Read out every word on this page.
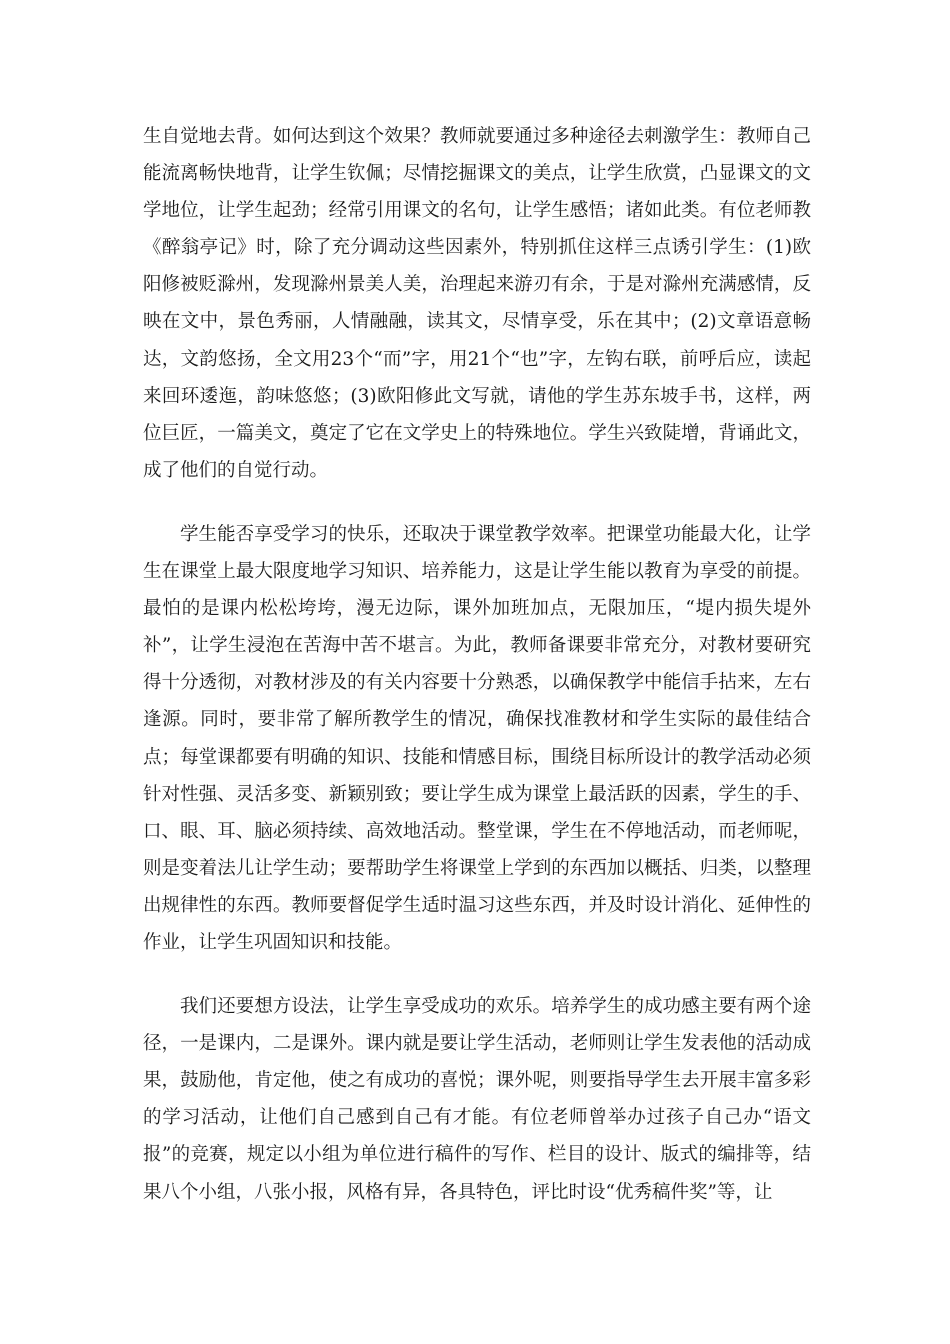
生自觉地去背。如何达到这个效果？教师就要通过多种途径去刺激学生：教师自己能流离畅快地背，让学生钦佩；尽情挖掘课文的美点，让学生欣赏，凸显课文的文学地位，让学生起劲；经常引用课文的名句，让学生感悟；诸如此类。有位老师教《醉翁亭记》时，除了充分调动这些因素外，特别抓住这样三点诱引学生：(1)欧阳修被贬滁州，发现滁州景美人美，治理起来游刃有余，于是对滁州充满感情，反映在文中，景色秀丽，人情融融，读其文，尽情享受，乐在其中；(2)文章语意畅达，文韵悠扬，全文用23个“而”字，用21个“也”字，左钩右联，前呼后应，读起来回环逶迤，韵味悠悠；(3)欧阳修此文写就，请他的学生苏东坡手书，这样，两位巨匠，一篇美文，奠定了它在文学史上的特殊地位。学生兴致陡增，背诵此文，成了他们的自觉行动。

学生能否享受学习的快乐，还取决于课堂教学效率。把课堂功能最大化，让学生在课堂上最大限度地学习知识、培养能力，这是让学生能以教育为享受的前提。最怕的是课内松松垮垮，漫无边际，课外加班加点，无限加压，“堤内损失堤外补”，让学生浸泡在苦海中苦不堪言。为此，教师备课要非常充分，对教材要研究得十分透彻，对教材涉及的有关内容要十分熟悉，以确保教学中能信手拈来，左右逢源。同时，要非常了解所教学生的情况，确保找准教材和学生实际的最佳结合点；每堂课都要有明确的知识、技能和情感目标，围绕目标所设计的教学活动必须针对性强、灵活多变、新颖别致；要让学生成为课堂上最活跃的因素，学生的手、口、眼、耳、脑必须持续、高效地活动。整堂课，学生在不停地活动，而老师呢，则是变着法儿让学生动；要帮助学生将课堂上学到的东西加以概括、归类，以整理出规律性的东西。教师要督促学生适时温习这些东西，并及时设计消化、延伸性的作业，让学生巩固知识和技能。

我们还要想方设法，让学生享受成功的欢乐。培养学生的成功感主要有两个途径，一是课内，二是课外。课内就是要让学生活动，老师则让学生发表他的活动成果，鼓励他，肯定他，使之有成功的喜悦；课外呢，则要指导学生去开展丰富多彩的学习活动，让他们自己感到自己有才能。有位老师曾举办过孩子自己办“语文报”的竞赛，规定以小组为单位进行稿件的写作、栏目的设计、版式的编排等，结果八个小组，八张小报，风格有异，各具特色，评比时设“优秀稿件奖”等，让
